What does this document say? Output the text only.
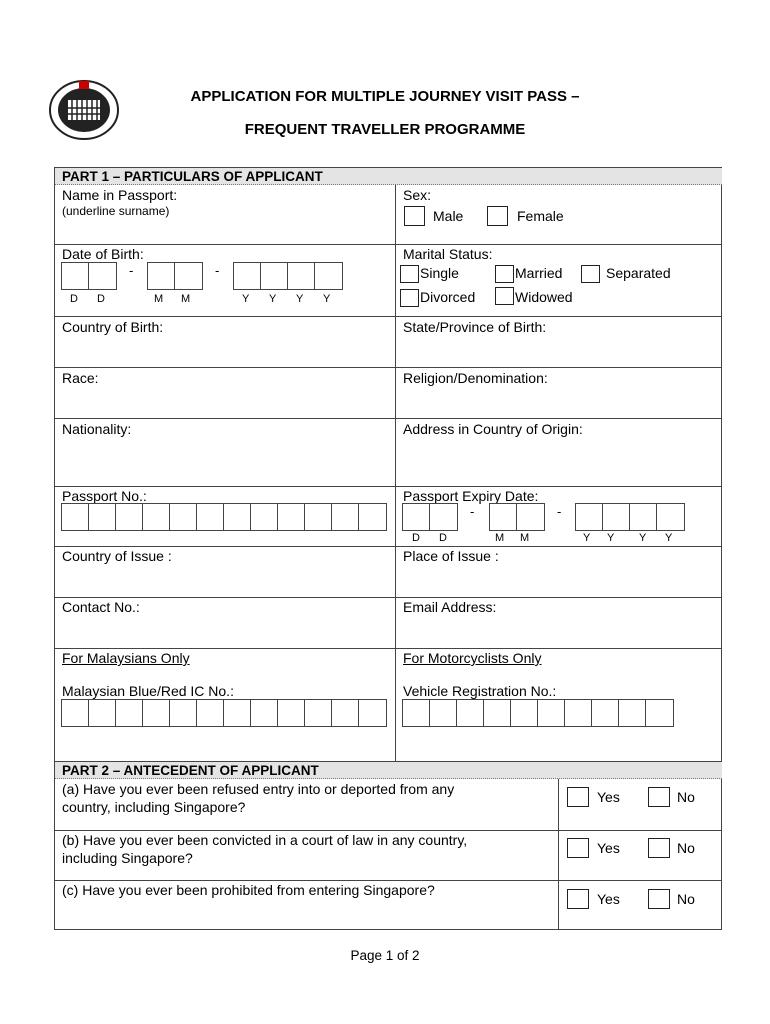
APPLICATION FOR MULTIPLE JOURNEY VISIT PASS –
FREQUENT TRAVELLER PROGRAMME
PART 1 – PARTICULARS OF APPLICANT
Name in Passport:
(underline surname)
Sex:
Male	Female
Date of Birth:
-	-
D D	M M	Y Y Y Y
Marital Status:
Single	Married	Separated
Divorced	Widowed
Country of Birth:	State/Province of Birth:
Race:	Religion/Denomination:
Nationality:	Address in Country of Origin:
Passport No.:	Passport Expiry Date:
-	-
D D	M M	Y Y Y Y
Country of Issue :	Place of Issue :
Contact No.:	Email Address:
For Malaysians Only
Malaysian Blue/Red IC No.:
For Motorcyclists Only
Vehicle Registration No.:
PART 2 – ANTECEDENT OF APPLICANT
(a) Have you ever been refused entry into or deported from any
country, including Singapore?
Yes	No
(b) Have you ever been convicted in a court of law in any country,
including Singapore?
Yes	No
(c) Have you ever been prohibited from entering Singapore?
Yes	No
Page 1 of 2
